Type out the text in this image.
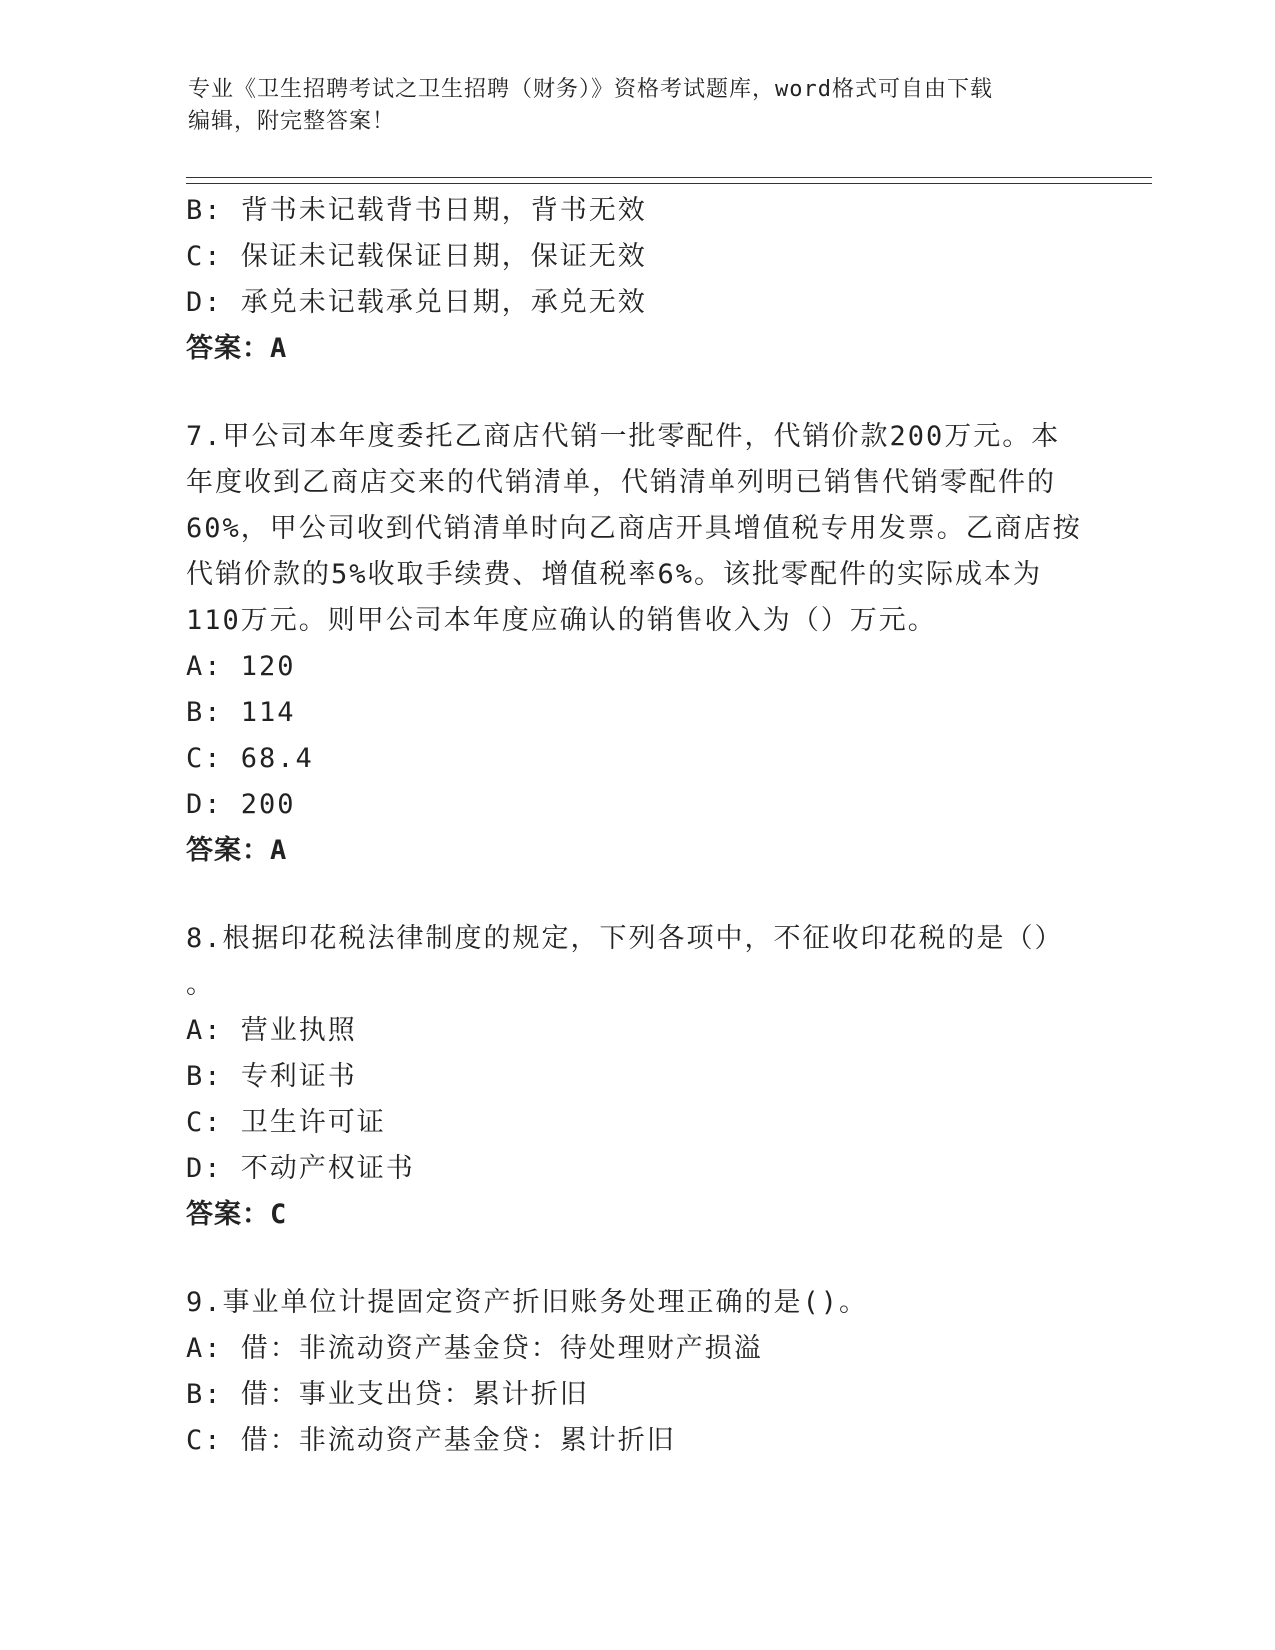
专业《卫生招聘考试之卫生招聘（财务）》资格考试题库，word格式可自由下载
编辑，附完整答案！
B: 背书未记载背书日期，背书无效
C: 保证未记载保证日期，保证无效
D: 承兑未记载承兑日期，承兑无效
答案：A
7.甲公司本年度委托乙商店代销一批零配件，代销价款200万元。本
年度收到乙商店交来的代销清单，代销清单列明已销售代销零配件的
60%，甲公司收到代销清单时向乙商店开具增值税专用发票。乙商店按
代销价款的5%收取手续费、增值税率6%。该批零配件的实际成本为
110万元。则甲公司本年度应确认的销售收入为（）万元。
A: 120
B: 114
C: 68.4
D: 200
答案：A
8.根据印花税法律制度的规定，下列各项中，不征收印花税的是（）
。
A: 营业执照
B: 专利证书
C: 卫生许可证
D: 不动产权证书
答案：C
9.事业单位计提固定资产折旧账务处理正确的是()。
A: 借：非流动资产基金贷：待处理财产损溢
B: 借：事业支出贷：累计折旧
C: 借：非流动资产基金贷：累计折旧
